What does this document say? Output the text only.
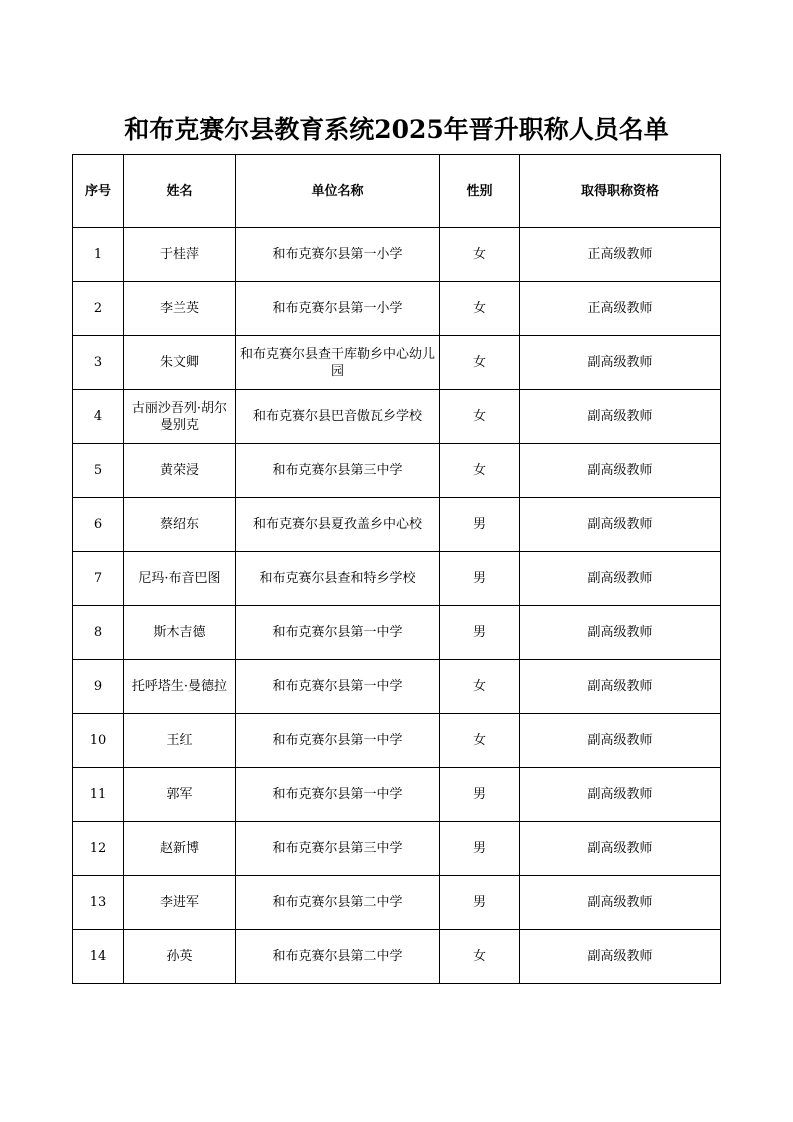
和布克赛尔县教育系统2025年晋升职称人员名单
序号	姓名	单位名称	性别	取得职称资格
1	于桂萍	和布克赛尔县第一小学	女	正高级教师
2	李兰英	和布克赛尔县第一小学	女	正高级教师
3	朱文卿	和布克赛尔县查干库勒乡中心幼儿园	女	副高级教师
4	古丽沙吾列·胡尔曼别克	和布克赛尔县巴音傲瓦乡学校	女	副高级教师
5	黄荣浸	和布克赛尔县第三中学	女	副高级教师
6	蔡绍东	和布克赛尔县夏孜盖乡中心校	男	副高级教师
7	尼玛·布音巴图	和布克赛尔县查和特乡学校	男	副高级教师
8	斯木吉德	和布克赛尔县第一中学	男	副高级教师
9	托呼塔生·曼德拉	和布克赛尔县第一中学	女	副高级教师
10	王红	和布克赛尔县第一中学	女	副高级教师
11	郭军	和布克赛尔县第一中学	男	副高级教师
12	赵新博	和布克赛尔县第三中学	男	副高级教师
13	李进军	和布克赛尔县第二中学	男	副高级教师
14	孙英	和布克赛尔县第二中学	女	副高级教师
